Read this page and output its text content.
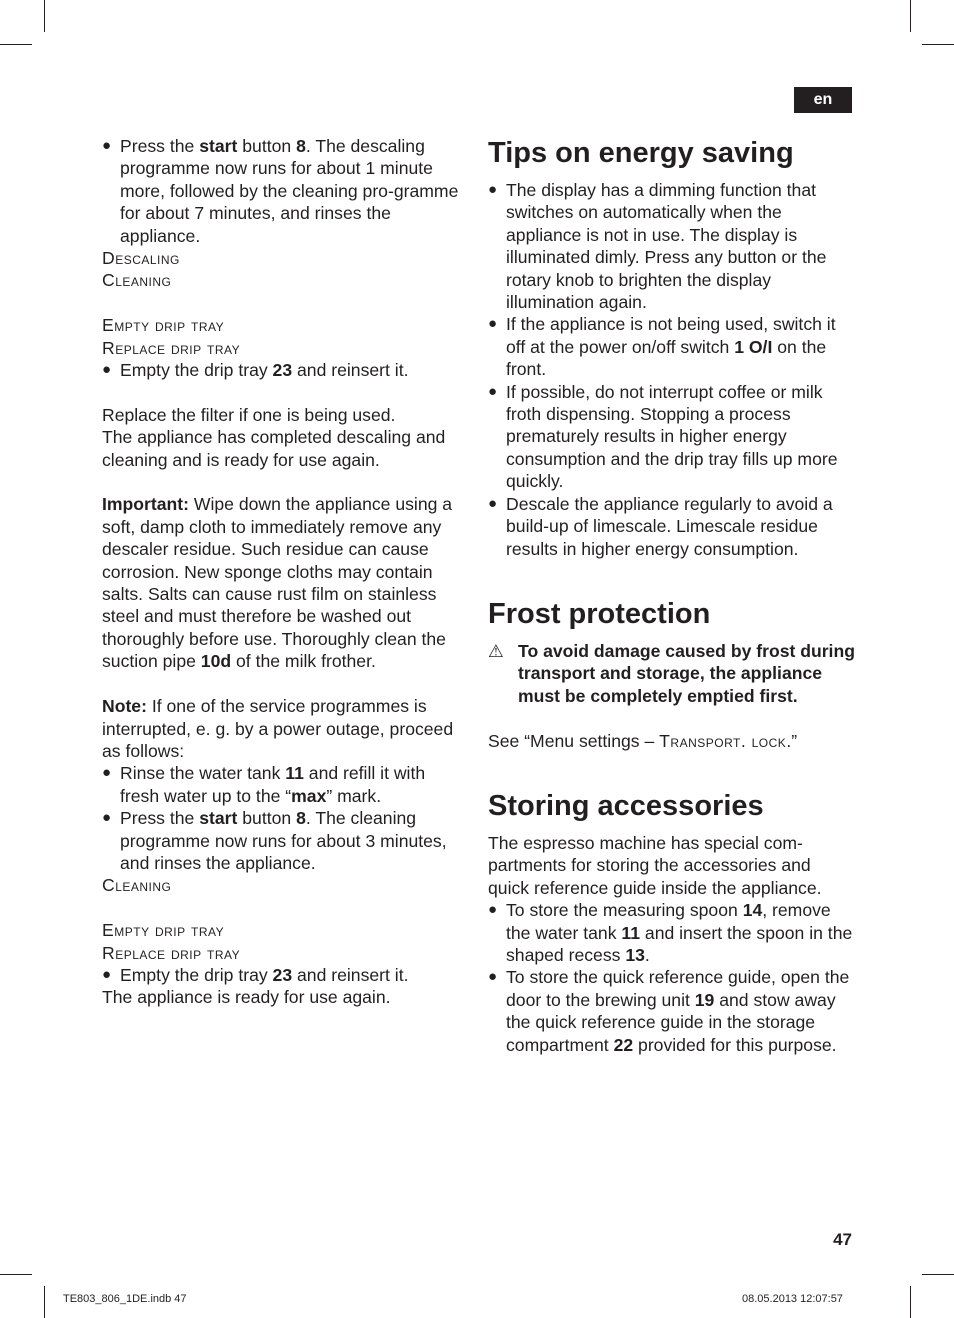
en

● Press the start button 8. The descaling programme now runs for about 1 minute more, followed by the cleaning pro-gramme for about 7 minutes, and rinses the appliance.

Descaling

Cleaning

Empty drip tray

Replace drip tray

● Empty the drip tray 23 and reinsert it.

Replace the filter if one is being used.

The appliance has completed descaling and cleaning and is ready for use again.

Important: Wipe down the appliance using a soft, damp cloth to immediately remove any descaler residue. Such residue can cause corrosion. New sponge cloths may contain salts. Salts can cause rust film on stainless steel and must therefore be washed out thoroughly before use. Thoroughly clean the suction pipe 10d of the milk frother.

Note: If one of the service programmes is interrupted, e. g. by a power outage, proceed as follows:

● Rinse the water tank 11 and refill it with fresh water up to the “max” mark.

● Press the start button 8. The cleaning programme now runs for about 3 minutes, and rinses the appliance.

Cleaning

Empty drip tray

Replace drip tray

● Empty the drip tray 23 and reinsert it.

The appliance is ready for use again.

Tips on energy saving

● The display has a dimming function that switches on automatically when the appliance is not in use. The display is illuminated dimly. Press any button or the rotary knob to brighten the display illumination again.

● If the appliance is not being used, switch it off at the power on/off switch 1 O/I on the front.

● If possible, do not interrupt coffee or milk froth dispensing. Stopping a process prematurely results in higher energy consumption and the drip tray fills up more quickly.

● Descale the appliance regularly to avoid a build-up of limescale. Limescale residue results in higher energy consumption.

Frost protection

⚠ To avoid damage caused by frost during transport and storage, the appliance must be completely emptied first.

See “Menu settings – Transport. lock.”

Storing accessories

The espresso machine has special com-partments for storing the accessories and quick reference guide inside the appliance.

● To store the measuring spoon 14, remove the water tank 11 and insert the spoon in the shaped recess 13.

● To store the quick reference guide, open the door to the brewing unit 19 and stow away the quick reference guide in the storage compartment 22 provided for this purpose.

47
TE803_806_1DE.indb 47	08.05.2013 12:07:57
